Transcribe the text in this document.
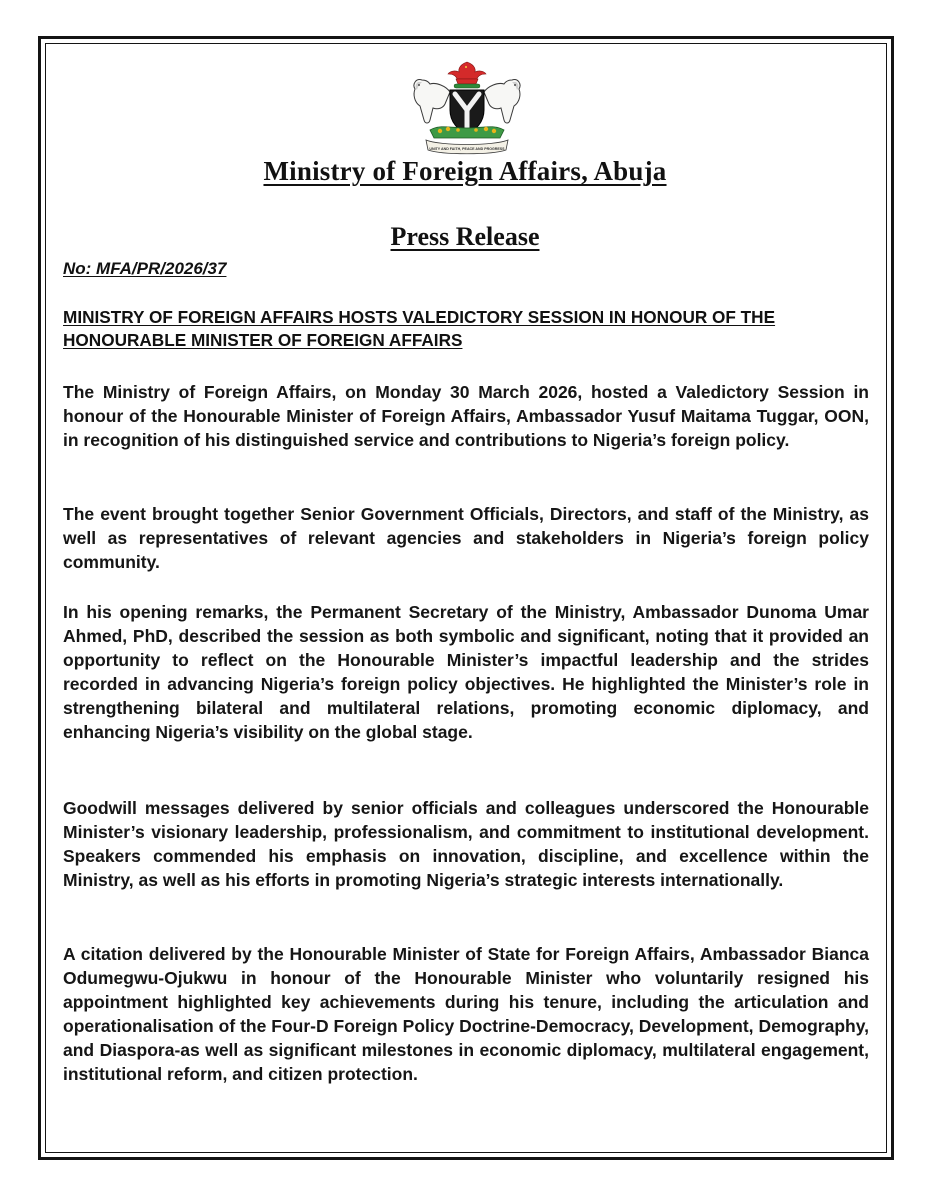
UNITY AND FAITH, PEACE AND PROGRESS
Ministry of Foreign Affairs, Abuja
Press Release
No: MFA/PR/2026/37

MINISTRY OF FOREIGN AFFAIRS HOSTS VALEDICTORY SESSION IN HONOUR OF THE HONOURABLE MINISTER OF FOREIGN AFFAIRS

The Ministry of Foreign Affairs, on Monday 30 March 2026, hosted a Valedictory Session in honour of the Honourable Minister of Foreign Affairs, Ambassador Yusuf Maitama Tuggar, OON, in recognition of his distinguished service and contributions to Nigeria’s foreign policy.

The event brought together Senior Government Officials, Directors, and staff of the Ministry, as well as representatives of relevant agencies and stakeholders in Nigeria’s foreign policy community.

In his opening remarks, the Permanent Secretary of the Ministry, Ambassador Dunoma Umar Ahmed, PhD, described the session as both symbolic and significant, noting that it provided an opportunity to reflect on the Honourable Minister’s impactful leadership and the strides recorded in advancing Nigeria’s foreign policy objectives. He highlighted the Minister’s role in strengthening bilateral and multilateral relations, promoting economic diplomacy, and enhancing Nigeria’s visibility on the global stage.

Goodwill messages delivered by senior officials and colleagues underscored the Honourable Minister’s visionary leadership, professionalism, and commitment to institutional development. Speakers commended his emphasis on innovation, discipline, and excellence within the Ministry, as well as his efforts in promoting Nigeria’s strategic interests internationally.

A citation delivered by the Honourable Minister of State for Foreign Affairs, Ambassador Bianca Odumegwu-Ojukwu in honour of the Honourable Minister who voluntarily resigned his appointment highlighted key achievements during his tenure, including the articulation and operationalisation of the Four-D Foreign Policy Doctrine-Democracy, Development, Demography, and Diaspora-as well as significant milestones in economic diplomacy, multilateral engagement, institutional reform, and citizen protection.
